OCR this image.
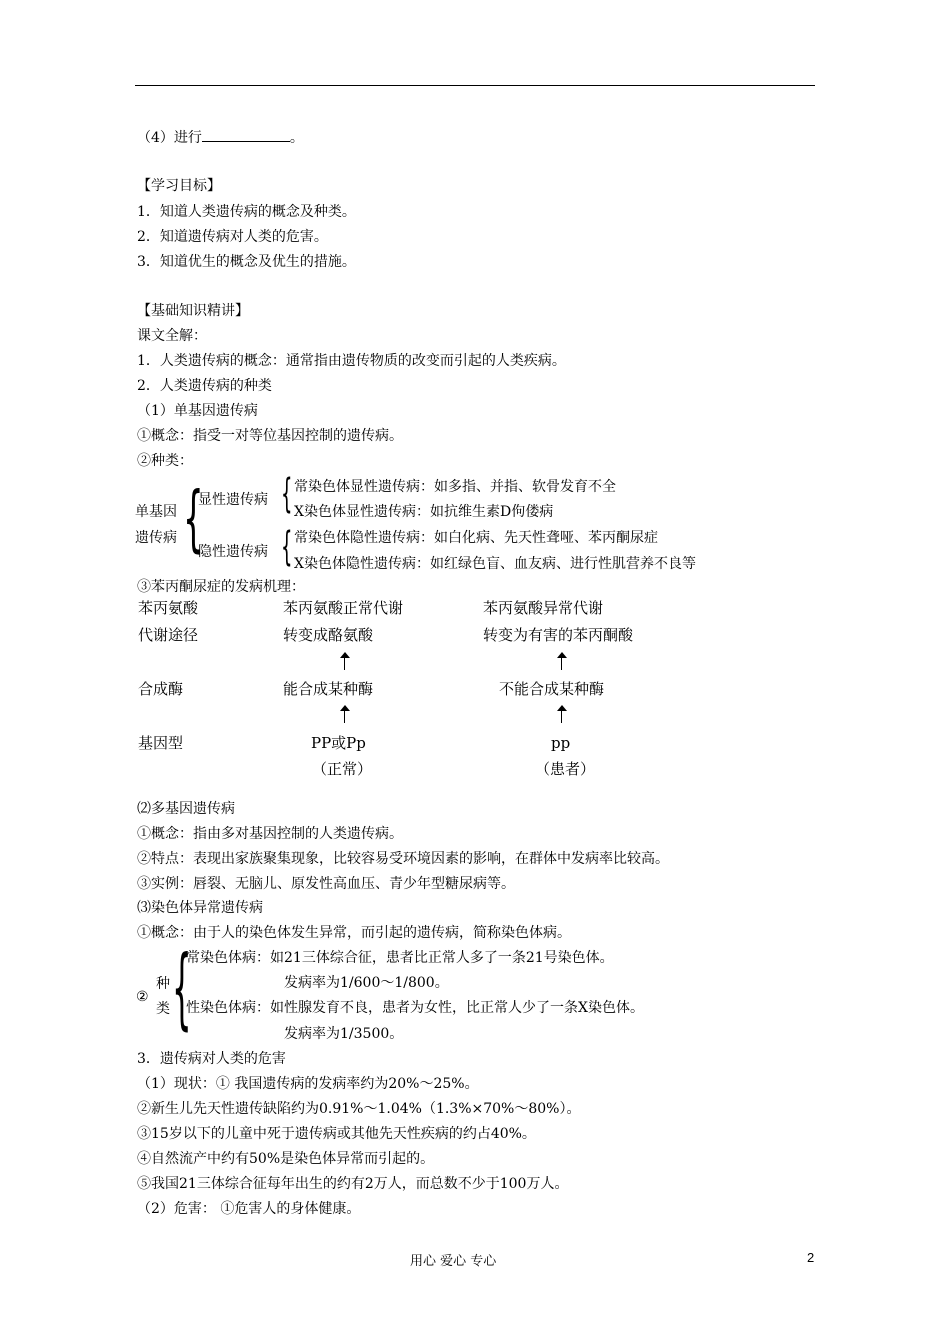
（4）进行	。
【学习目标】
1．知道人类遗传病的概念及种类。
2．知道遗传病对人类的危害。
3．知道优生的概念及优生的措施。
【基础知识精讲】
课文全解：
1．人类遗传病的概念：通常指由遗传物质的改变而引起的人类疾病。
2．人类遗传病的种类
（1）单基因遗传病
①概念：指受一对等位基因控制的遗传病。
②种类：
单基因
遗传病 {
显性遗传病
隐性遗传病
{
{
常染色体显性遗传病：如多指、并指、软骨发育不全
X染色体显性遗传病：如抗维生素D佝偻病
常染色体隐性遗传病：如白化病、先天性聋哑、苯丙酮尿症
X染色体隐性遗传病：如红绿色盲、血友病、进行性肌营养不良等
③苯丙酮尿症的发病机理：
苯丙氨酸
代谢途径
合成酶
基因型
苯丙氨酸正常代谢
转变成酪氨酸
能合成某种酶
PP或Pp
（正常）
苯丙氨酸异常代谢
转变为有害的苯丙酮酸
不能合成某种酶
pp
（患者）
⑵多基因遗传病
①概念：指由多对基因控制的人类遗传病。
②特点：表现出家族聚集现象，比较容易受环境因素的影响，在群体中发病率比较高。
③实例：唇裂、无脑儿、原发性高血压、青少年型糖尿病等。
⑶染色体异常遗传病
①概念：由于人的染色体发生异常，而引起的遗传病，简称染色体病。
②
种
类 {
常染色体病：如21三体综合征，患者比正常人多了一条21号染色体。
发病率为1/600～1/800。
性染色体病：如性腺发育不良，患者为女性，比正常人少了一条X染色体。
发病率为1/3500。
3．遗传病对人类的危害
（1）现状：① 我国遗传病的发病率约为20%～25%。
②新生儿先天性遗传缺陷约为0.91%～1.04%（1.3%×70%～80%）。
③15岁以下的儿童中死于遗传病或其他先天性疾病的约占40%。
④自然流产中约有50%是染色体异常而引起的。
⑤我国21三体综合征每年出生的约有2万人，而总数不少于100万人。
（2）危害： ①危害人的身体健康。
用心 爱心 专心	2
